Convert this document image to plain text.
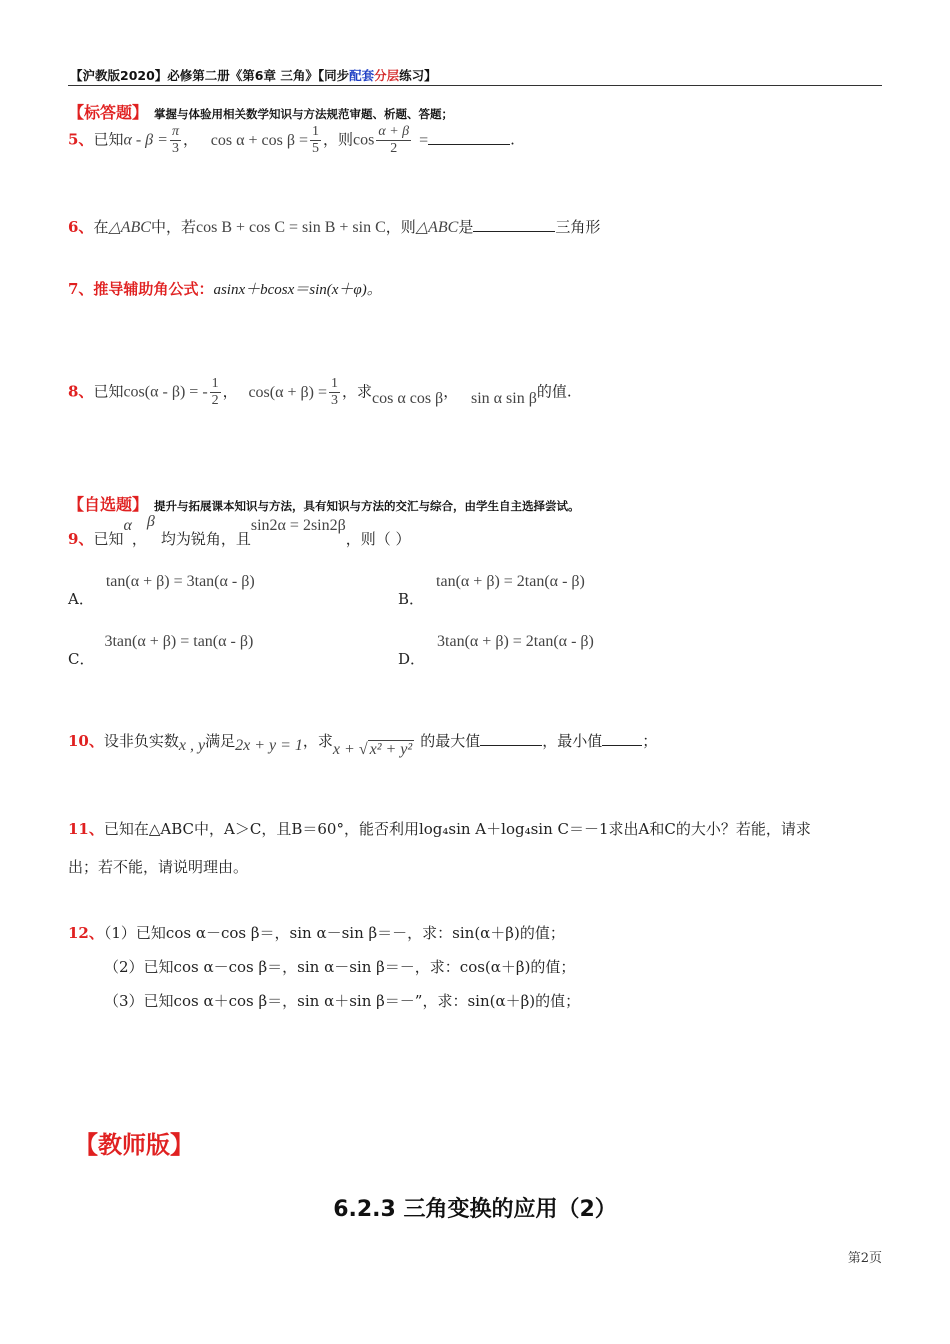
【沪教版2020】必修第二册《第6章 三角》【同步配套分层练习】
【标答题】 掌握与体验用相关数学知识与方法规范审题、析题、答题；
5、已知$\alpha - \beta = \frac{\pi}{3}$ ， $\cos \alpha + \cos \beta = \frac{1}{5}$ ，则$\cos \frac{\alpha + \beta}{2}$ =	.
6、在△ABC中，若cos B + cos C = sin B + sin C，则△ABC是	三角形
7、推导辅助角公式：asinx＋bcosx＝sin(x＋φ)。
8、已知cos(α - β) = - $\frac{1}{2}$ ， $\cos(\alpha + \beta) = \frac{1}{3}$ ，求cos α cos β， sin α sin β的值.
【自选题】 提升与拓展课本知识与方法，具有知识与方法的交汇与综合，由学生自主选择尝试。
9、已知α，β均为锐角，且sin2α = 2sin2β，则（ ）
A．tan(α + β) = 3tan(α - β)
B．tan(α + β) = 2tan(α - β)
C．3tan(α + β) = tan(α - β)
D．3tan(α + β) = 2tan(α - β)
10、设非负实数x , y满足2x + y = 1，求x + √ x² + y² 的最大值	，最小值	；
11、已知在△ABC中，A＞C，且B＝60°，能否利用log₄sin A＋log₄sin C＝－1求出A和C的大小？若能，请求
出；若不能，请说明理由。
12、（1）已知cos α－cos β＝，sin α－sin β＝－，求：sin(α＋β)的值；
（2）已知cos α－cos β＝，sin α－sin β＝－，求：cos(α＋β)的值；
（3）已知cos α＋cos β＝，sin α＋sin β＝－”，求：sin(α＋β)的值；
【教师版】
6.2.3 三角变换的应用（2）
第2页
